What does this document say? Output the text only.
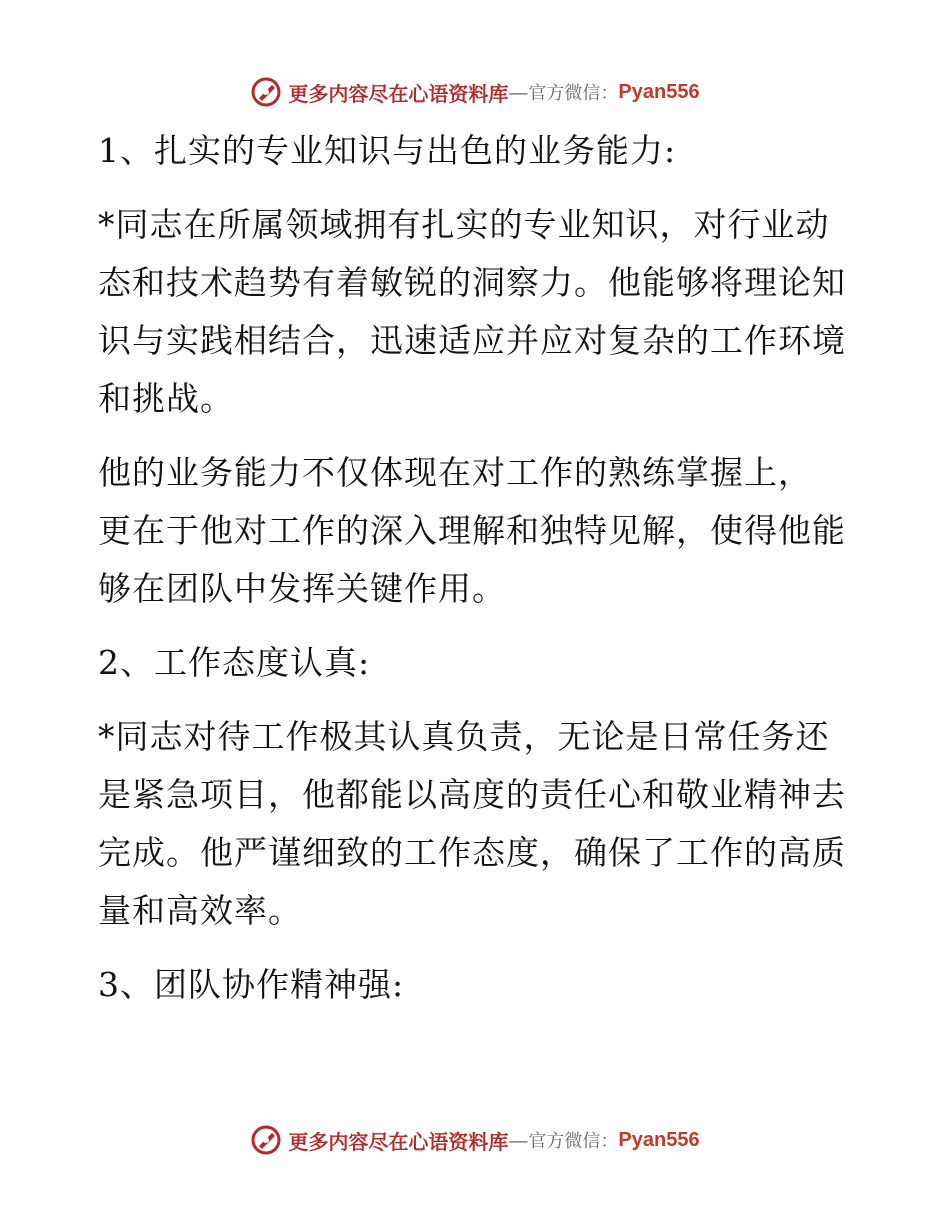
更多内容尽在心语资料库 — 官方微信： Pyan556
1、扎实的专业知识与出色的业务能力:
*同志在所属领域拥有扎实的专业知识，对行业动
态和技术趋势有着敏锐的洞察力。他能够将理论知
识与实践相结合，迅速适应并应对复杂的工作环境
和挑战。
他的业务能力不仅体现在对工作的熟练掌握上，
更在于他对工作的深入理解和独特见解，使得他能
够在团队中发挥关键作用。
2、工作态度认真:
*同志对待工作极其认真负责，无论是日常任务还
是紧急项目，他都能以高度的责任心和敬业精神去
完成。他严谨细致的工作态度，确保了工作的高质
量和高效率。
3、团队协作精神强:
更多内容尽在心语资料库 — 官方微信： Pyan556
